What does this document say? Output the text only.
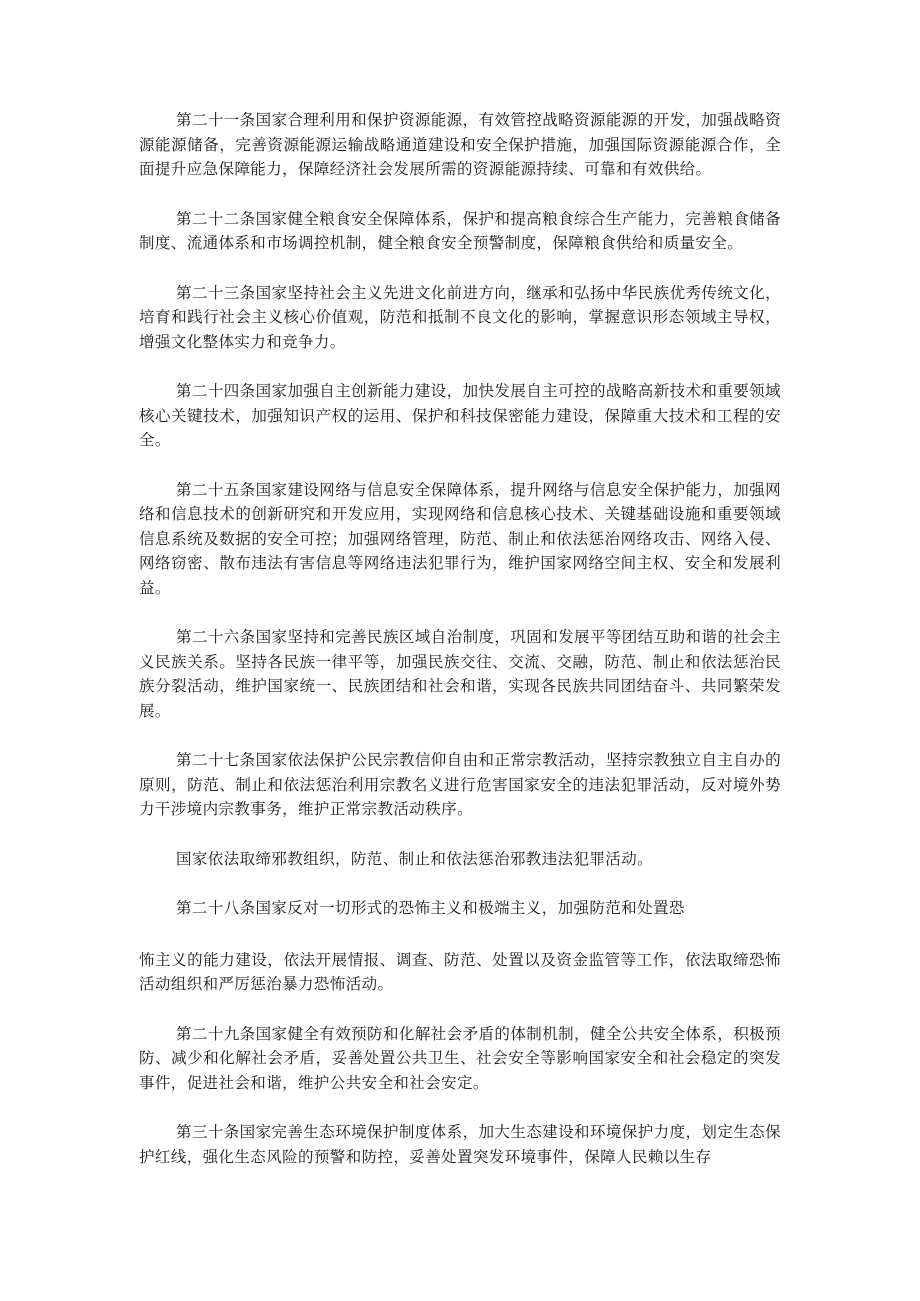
第二十一条国家合理利用和保护资源能源，有效管控战略资源能源的开发，加强战略资源能源储备，完善资源能源运输战略通道建设和安全保护措施，加强国际资源能源合作，全面提升应急保障能力，保障经济社会发展所需的资源能源持续、可靠和有效供给。

第二十二条国家健全粮食安全保障体系，保护和提高粮食综合生产能力，完善粮食储备制度、流通体系和市场调控机制，健全粮食安全预警制度，保障粮食供给和质量安全。

第二十三条国家坚持社会主义先进文化前进方向，继承和弘扬中华民族优秀传统文化，培育和践行社会主义核心价值观，防范和抵制不良文化的影响，掌握意识形态领域主导权，增强文化整体实力和竞争力。

第二十四条国家加强自主创新能力建设，加快发展自主可控的战略高新技术和重要领域核心关键技术，加强知识产权的运用、保护和科技保密能力建设，保障重大技术和工程的安全。

第二十五条国家建设网络与信息安全保障体系，提升网络与信息安全保护能力，加强网络和信息技术的创新研究和开发应用，实现网络和信息核心技术、关键基础设施和重要领域信息系统及数据的安全可控；加强网络管理，防范、制止和依法惩治网络攻击、网络入侵、网络窃密、散布违法有害信息等网络违法犯罪行为，维护国家网络空间主权、安全和发展利益。

第二十六条国家坚持和完善民族区域自治制度，巩固和发展平等团结互助和谐的社会主义民族关系。坚持各民族一律平等，加强民族交往、交流、交融，防范、制止和依法惩治民族分裂活动，维护国家统一、民族团结和社会和谐，实现各民族共同团结奋斗、共同繁荣发展。

第二十七条国家依法保护公民宗教信仰自由和正常宗教活动，坚持宗教独立自主自办的原则，防范、制止和依法惩治利用宗教名义进行危害国家安全的违法犯罪活动，反对境外势力干涉境内宗教事务，维护正常宗教活动秩序。

国家依法取缔邪教组织，防范、制止和依法惩治邪教违法犯罪活动。

第二十八条国家反对一切形式的恐怖主义和极端主义，加强防范和处置恐

怖主义的能力建设，依法开展情报、调查、防范、处置以及资金监管等工作，依法取缔恐怖活动组织和严厉惩治暴力恐怖活动。

第二十九条国家健全有效预防和化解社会矛盾的体制机制，健全公共安全体系，积极预防、减少和化解社会矛盾，妥善处置公共卫生、社会安全等影响国家安全和社会稳定的突发事件，促进社会和谐，维护公共安全和社会安定。

第三十条国家完善生态环境保护制度体系，加大生态建设和环境保护力度，划定生态保护红线，强化生态风险的预警和防控，妥善处置突发环境事件，保障人民赖以生存
